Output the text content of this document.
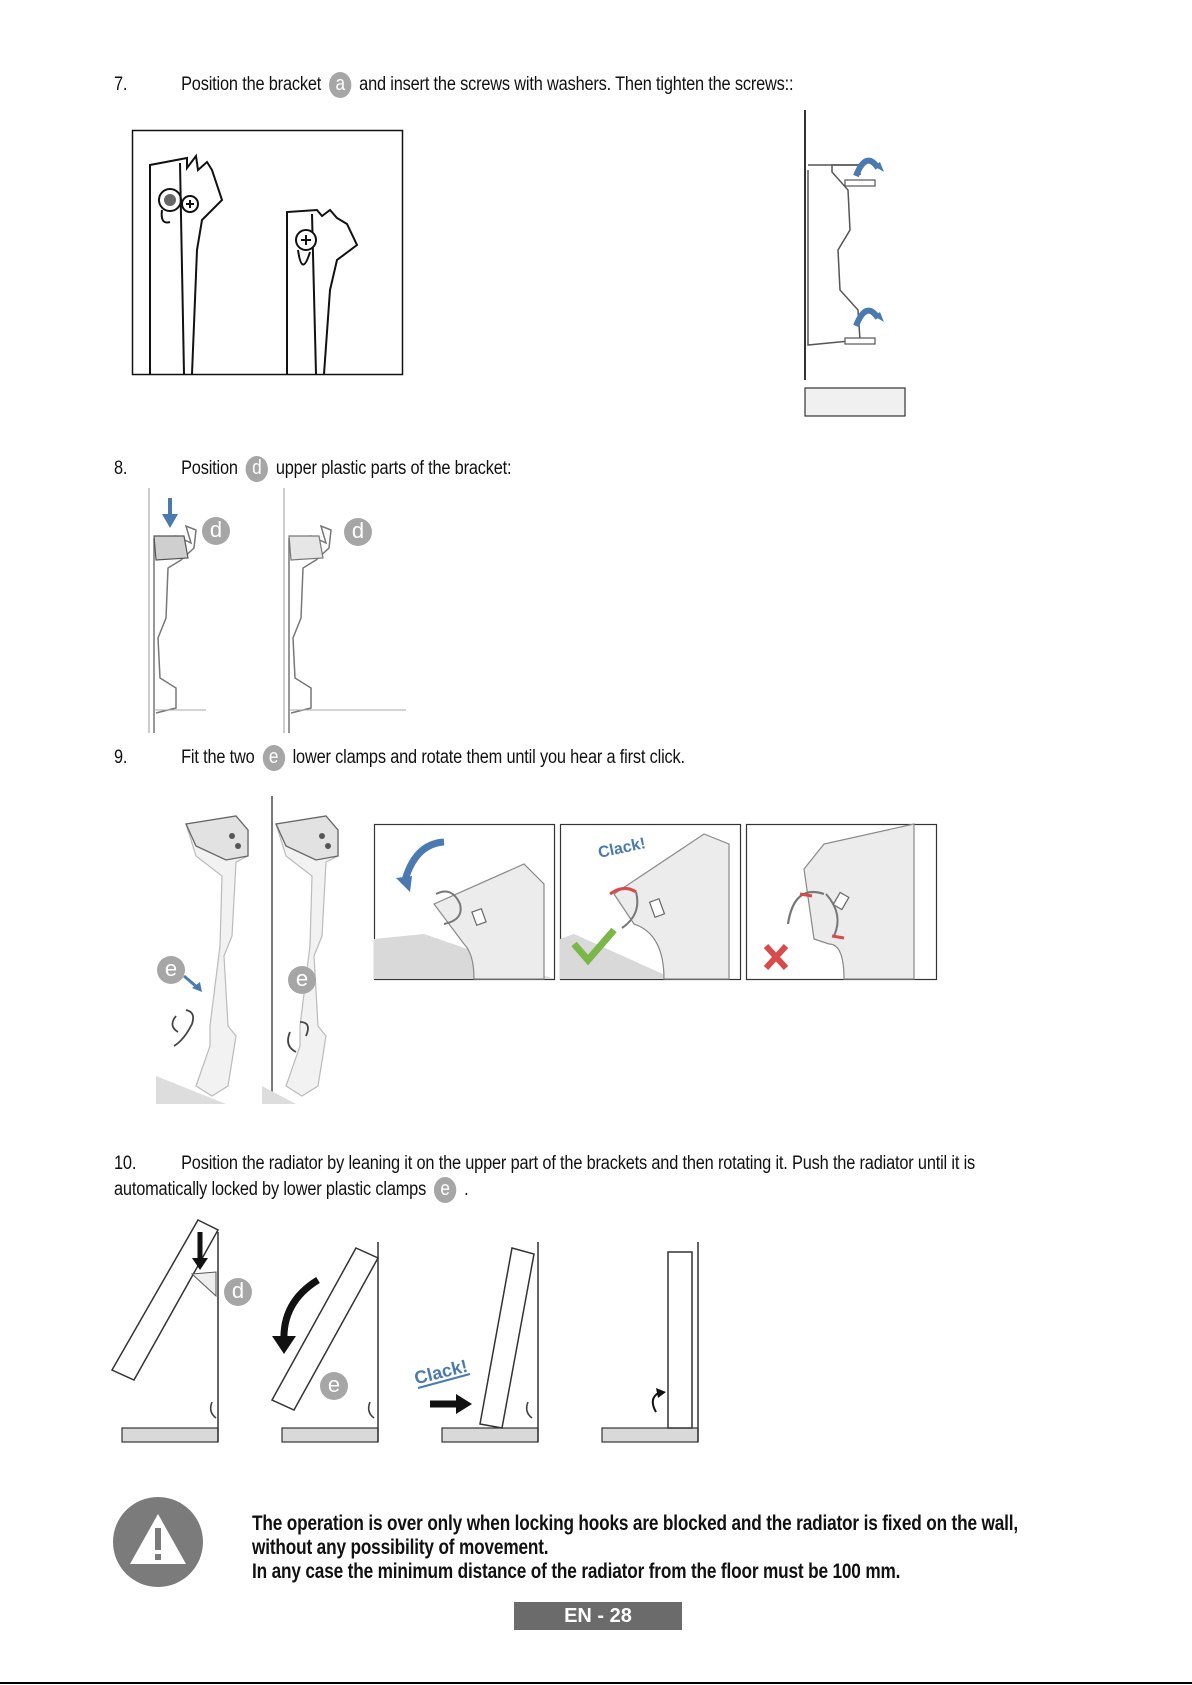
7.	Position the bracket a and insert the screws with washers. Then tighten the screws::
8.	Position d upper plastic parts of the bracket:
d	d
9.	Fit the two e lower clamps and rotate them until you hear a first click.
e	e
Clack!
10. Position the radiator by leaning it on the upper part of the brackets and then rotating it. Push the radiator until it is
automatically locked by lower plastic clamps e .
d
e	Clack!
The operation is over only when locking hooks are blocked and the radiator is fixed on the wall,
without any possibility of movement.
In any case the minimum distance of the radiator from the floor must be 100 mm.
EN - 28
